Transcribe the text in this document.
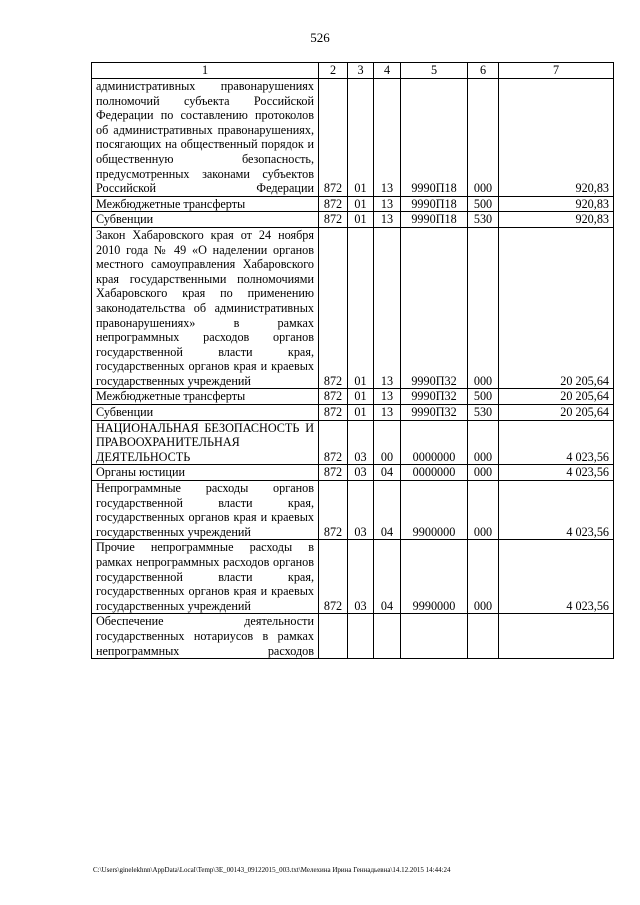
526
1	2	3	4	5	6	7
административных правонарушениях полномочий субъекта Российской Федерации по составлению протоколов об административных правонарушениях, посягающих на общественный порядок и общественную безопасность, предусмотренных законами субъектов Российской Федерации	872	01	13	9990П18	000	920,83
Межбюджетные трансферты	872	01	13	9990П18	500	920,83
Субвенции	872	01	13	9990П18	530	920,83
Закон Хабаровского края от 24 ноября 2010 года № 49 «О наделении органов местного самоуправления Хабаровского края государственными полномочиями Хабаровского края по применению законодательства об административных правонарушениях» в рамках непрограммных расходов органов государственной власти края, государственных органов края и краевых государственных учреждений	872	01	13	9990П32	000	20 205,64
Межбюджетные трансферты	872	01	13	9990П32	500	20 205,64
Субвенции	872	01	13	9990П32	530	20 205,64
НАЦИОНАЛЬНАЯ БЕЗОПАСНОСТЬ И ПРАВООХРАНИТЕЛЬНАЯ ДЕЯТЕЛЬНОСТЬ	872	03	00	0000000	000	4 023,56
Органы юстиции	872	03	04	0000000	000	4 023,56
Непрограммные расходы органов государственной власти края, государственных органов края и краевых государственных учреждений	872	03	04	9900000	000	4 023,56
Прочие непрограммные расходы в рамках непрограммных расходов органов государственной власти края, государственных органов края и краевых государственных учреждений	872	03	04	9990000	000	4 023,56
Обеспечение деятельности государственных нотариусов в рамках непрограммных расходов						
C:\Users\ginelekhnn\AppData\Local\Temp\3E_00143_09122015_003.txt\Мелехина Ирина Геннадьевна\14.12.2015 14:44:24
